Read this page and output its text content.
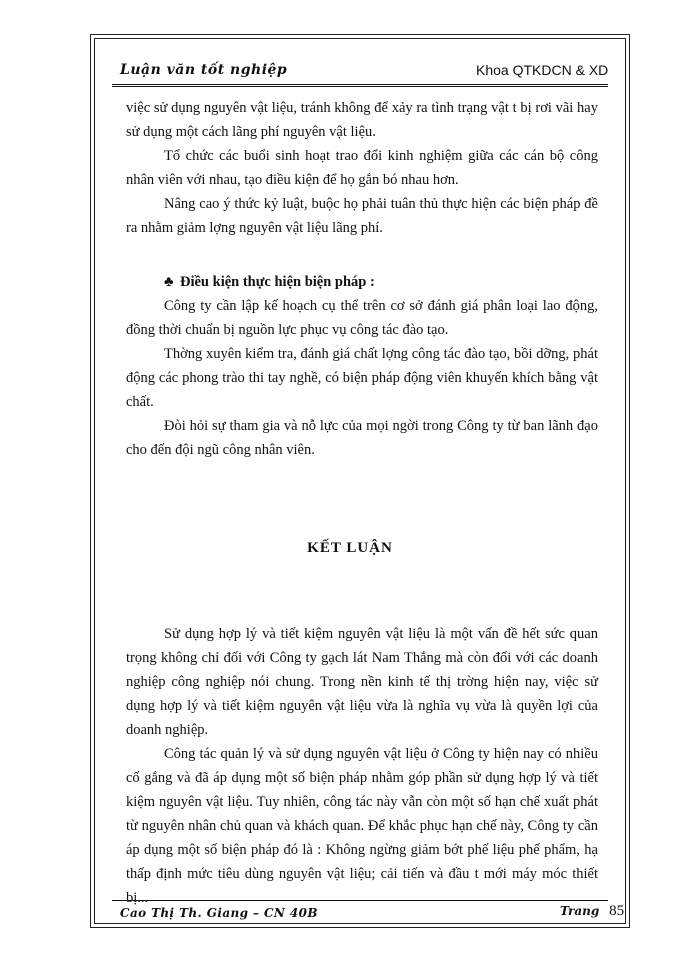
Luận văn tốt nghiệp	Khoa QTKDCN & XD

việc sử dụng nguyên vật liệu, tránh không để xảy ra tình trạng vật t bị rơi vãi hay sử dụng một cách lãng phí nguyên vật liệu.

Tổ chức các buổi sinh hoạt trao đổi kinh nghiệm giữa các cán bộ công nhân viên với nhau, tạo điều kiện để họ gắn bó nhau hơn.

Nâng cao ý thức kỷ luật, buộc họ phải tuân thủ thực hiện các biện pháp đề ra nhằm giảm lợng nguyên vật liệu lãng phí.

♣ Điều kiện thực hiện biện pháp :

Công ty cần lập kế hoạch cụ thể trên cơ sở đánh giá phân loại lao động, đồng thời chuẩn bị nguồn lực phục vụ công tác đào tạo.

Thờng xuyên kiểm tra, đánh giá chất lợng công tác đào tạo, bồi dỡng, phát động các phong trào thi tay nghề, có biện pháp động viên khuyến khích bằng vật chất.

Đòi hỏi sự tham gia và nỗ lực của mọi ngời trong Công ty từ ban lãnh đạo cho đến đội ngũ công nhân viên.

KẾT LUẬN

Sử dụng hợp lý và tiết kiệm nguyên vật liệu là một vấn đề hết sức quan trọng không chỉ đối với Công ty gạch lát Nam Thắng mà còn đối với các doanh nghiệp công nghiệp nói chung. Trong nền kinh tế thị trờng hiện nay, việc sử dụng hợp lý và tiết kiệm nguyên vật liệu vừa là nghĩa vụ vừa là quyền lợi của doanh nghiệp.

Công tác quản lý và sử dụng nguyên vật liệu ở Công ty hiện nay có nhiều cố gắng và đã áp dụng một số biện pháp nhằm góp phần sử dụng hợp lý và tiết kiệm nguyên vật liệu. Tuy nhiên, công tác này vẫn còn một số hạn chế xuất phát từ nguyên nhân chủ quan và khách quan. Để khắc phục hạn chế này, Công ty cần áp dụng một số biện pháp đó là : Không ngừng giảm bớt phế liệu phế phẩm, hạ thấp định mức tiêu dùng nguyên vật liệu; cải tiến và đầu t mới máy móc thiết bị...

Cao Thị Th. Giang – CN 40B	Trang 85
